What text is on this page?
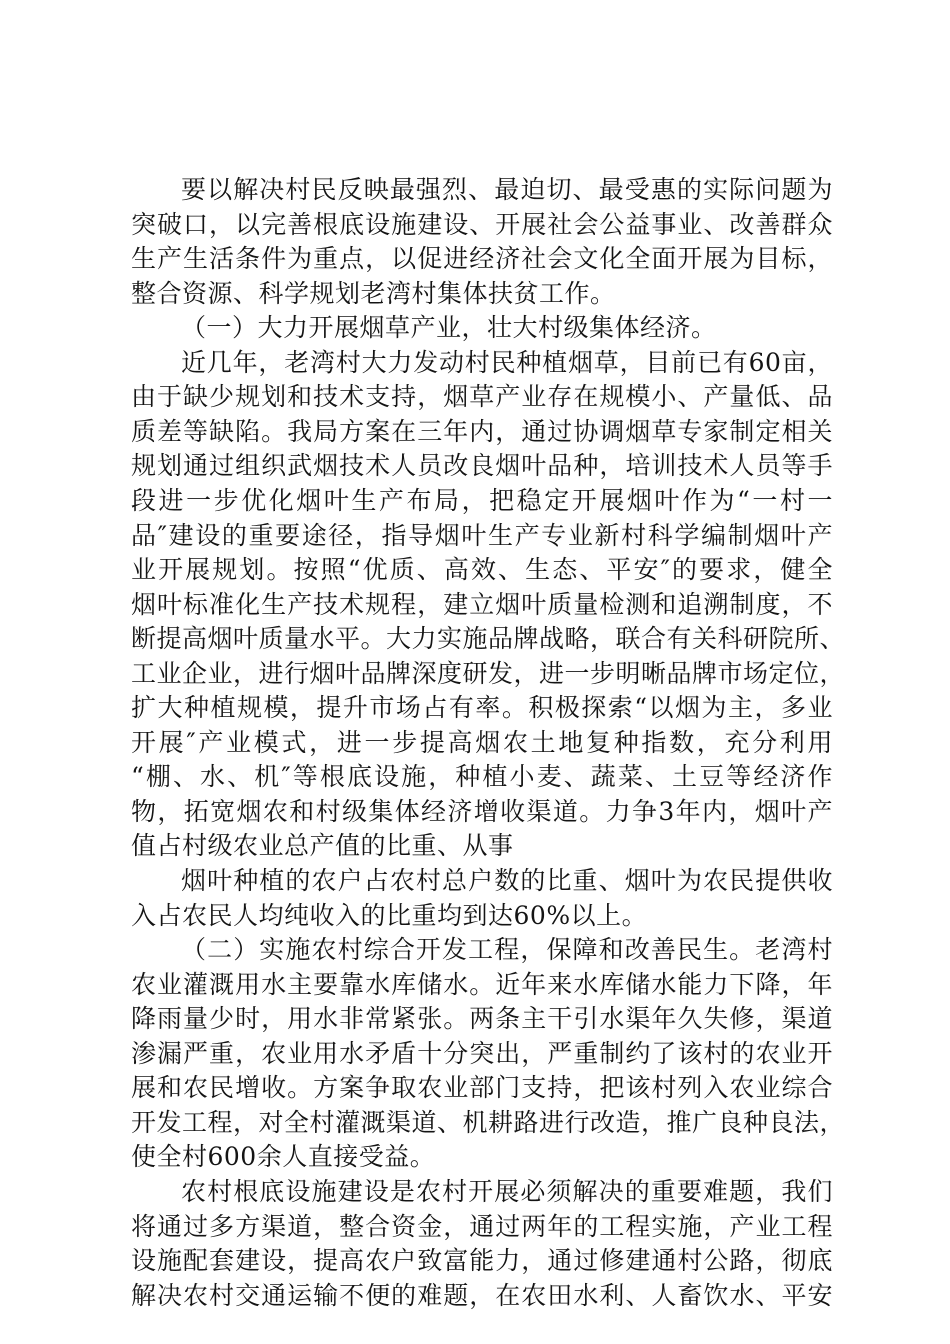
要以解决村民反映最强烈、最迫切、最受惠的实际问题为
突破口，以完善根底设施建设、开展社会公益事业、改善群众
生产生活条件为重点，以促进经济社会文化全面开展为目标，
整合资源、科学规划老湾村集体扶贫工作。
（一）大力开展烟草产业，壮大村级集体经济。
近几年，老湾村大力发动村民种植烟草，目前已有60亩，
由于缺少规划和技术支持，烟草产业存在规模小、产量低、品
质差等缺陷。我局方案在三年内，通过协调烟草专家制定相关
规划通过组织武烟技术人员改良烟叶品种，培训技术人员等手
段进一步优化烟叶生产布局，把稳定开展烟叶作为“一村一
品″建设的重要途径，指导烟叶生产专业新村科学编制烟叶产
业开展规划。按照“优质、高效、生态、平安″的要求，健全
烟叶标准化生产技术规程，建立烟叶质量检测和追溯制度，不
断提高烟叶质量水平。大力实施品牌战略，联合有关科研院所、
工业企业，进行烟叶品牌深度研发，进一步明晰品牌市场定位，
扩大种植规模，提升市场占有率。积极探索“以烟为主，多业
开展″产业模式，进一步提高烟农土地复种指数，充分利用
“棚、水、机″等根底设施，种植小麦、蔬菜、土豆等经济作
物，拓宽烟农和村级集体经济增收渠道。力争3年内，烟叶产
值占村级农业总产值的比重、从事
烟叶种植的农户占农村总户数的比重、烟叶为农民提供收
入占农民人均纯收入的比重均到达60%以上。
（二）实施农村综合开发工程，保障和改善民生。老湾村
农业灌溉用水主要靠水库储水。近年来水库储水能力下降，年
降雨量少时，用水非常紧张。两条主干引水渠年久失修，渠道
渗漏严重，农业用水矛盾十分突出，严重制约了该村的农业开
展和农民增收。方案争取农业部门支持，把该村列入农业综合
开发工程，对全村灌溉渠道、机耕路进行改造，推广良种良法，
使全村600余人直接受益。
农村根底设施建设是农村开展必须解决的重要难题，我们
将通过多方渠道，整合资金，通过两年的工程实施，产业工程
设施配套建设，提高农户致富能力，通过修建通村公路，彻底
解决农村交通运输不便的难题，在农田水利、人畜饮水、平安
